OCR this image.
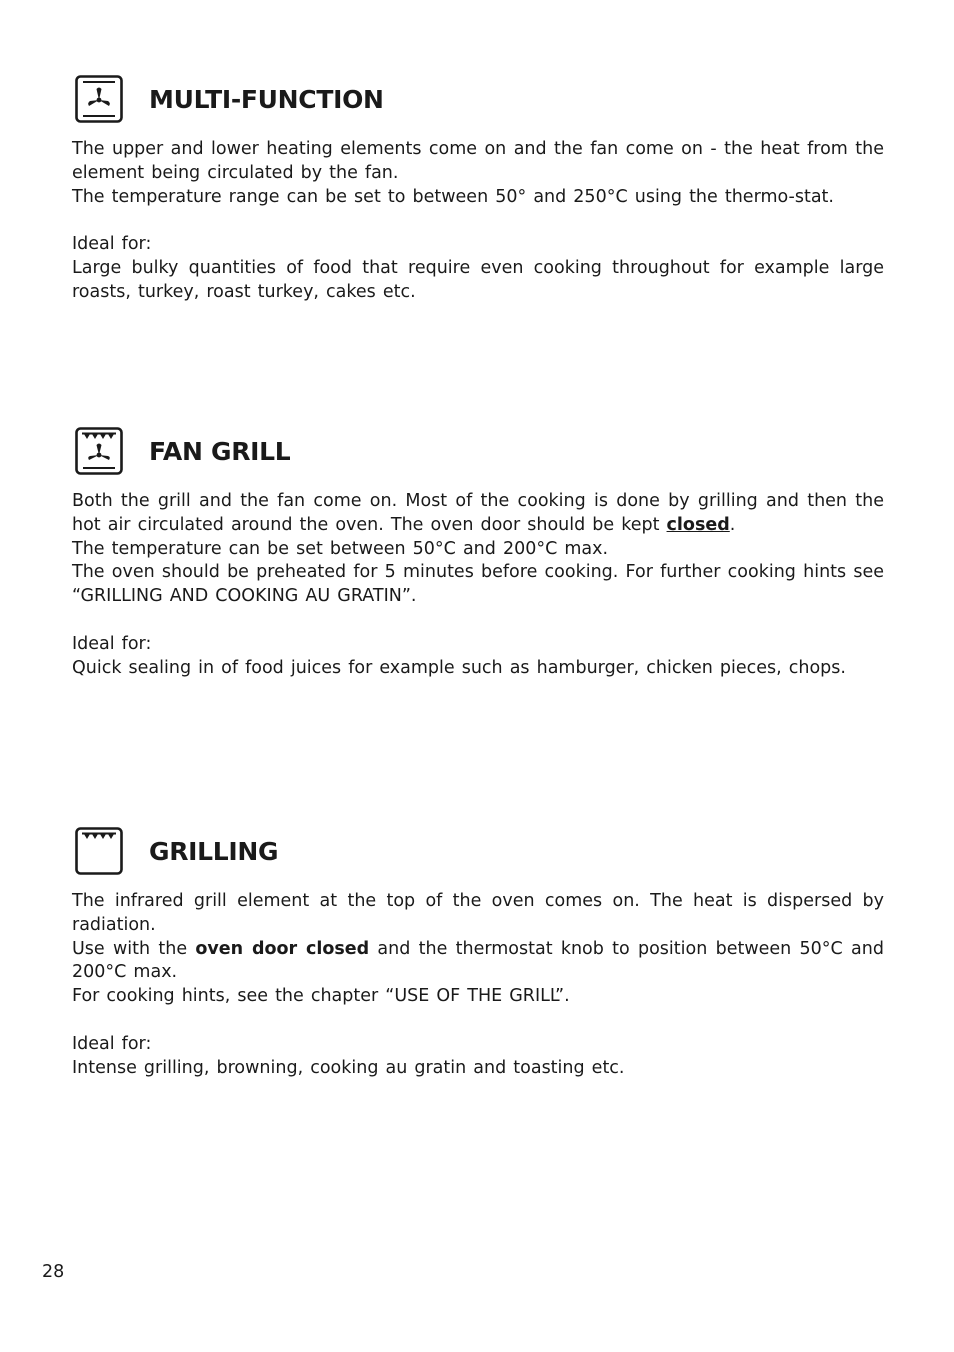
MULTI-FUNCTION

The upper and lower heating elements come on and the fan come on - the heat from the element being circulated by the fan.

The temperature range can be set to between 50° and 250°C using the thermo-stat.

Ideal for:

Large bulky quantities of food that require even cooking throughout for example large roasts, turkey, roast turkey, cakes etc.

FAN GRILL

Both the grill and the fan come on. Most of the cooking is done by grilling and then the hot air circulated around the oven. The oven door should be kept closed.

The temperature can be set between 50°C and 200°C max.

The oven should be preheated for 5 minutes before cooking. For further cooking hints see “GRILLING AND COOKING AU GRATIN”.

Ideal for:

Quick sealing in of food juices for example such as hamburger, chicken pieces, chops.

GRILLING

The infrared grill element at the top of the oven comes on. The heat is dispersed by radiation.

Use with the oven door closed and the thermostat knob to position between 50°C and 200°C max.

For cooking hints, see the chapter “USE OF THE GRILL”.

Ideal for:

Intense grilling, browning, cooking au gratin and toasting etc.

28
